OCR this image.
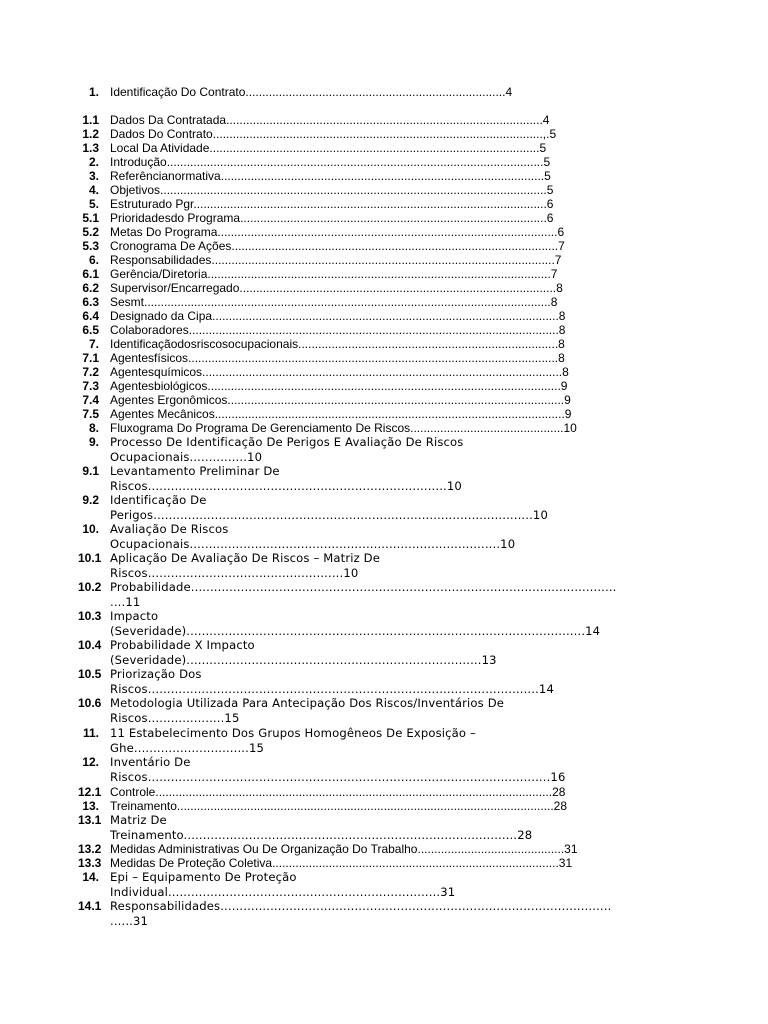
1. Identificação Do Contrato..............................................................................4
1.1 Dados Da Contratada...............................................................................................4
1.2 Dados Do Contrato...................................................................................................,.5
1.3 Local Da Atividade...................................................................................................5
2. Introdução.................................................................................................................5
3. Referêncianormativa.................................................................................................5
4. Objetivos....................................................................................................................5
5. Estruturado Pgr..........................................................................................................6
5.1 Prioridadesdo Programa............................................................................................6
5.2 Metas Do Programa......................................................................................................6
5.3 Cronograma De Ações..................................................................................................7
6. Responsabilidades.......................................................................................................7
6.1 Gerência/Diretoria.......................................................................................................7
6.2 Supervisor/Encarregado...............................................................................................8
6.3 Sesmt..........................................................................................................................8
6.4 Designado da Cipa........................................................................................................8
6.5 Colaboradores...............................................................................................................8
7. Identificaçãodosriscosocupacionais..............................................................................8
7.1 Agentesfísicos...............................................................................................................8
7.2 Agentesquímicos............................................................................................................8
7.3 Agentesbiológicos..........................................................................................................9
7.4 Agentes Ergonômicos.....................................................................................................9
7.5 Agentes Mecânicos.........................................................................................................9
8. Fluxograma Do Programa De Gerenciamento De Riscos..............................................10
9. Processo De Identificação De Perigos E Avaliação De Riscos
Ocupacionais...............10
9.1 Levantamento Preliminar De
Riscos..............................................................................10
9.2 Identificação De
Perigos...................................................................................................10
10. Avaliação De Riscos
Ocupacionais.................................................................................10
10.1 Aplicação De Avaliação De Riscos – Matriz De
Riscos...................................................10
10.2 Probabilidade...............................................................................................................
....11
10.3 Impacto
(Severidade)........................................................................................................14
10.4 Probabilidade X Impacto
(Severidade).............................................................................13
10.5 Priorização Dos
Riscos......................................................................................................14
10.6 Metodologia Utilizada Para Antecipação Dos Riscos/Inventários De
Riscos....................15
11. 11 Estabelecimento Dos Grupos Homogêneos De Exposição –
Ghe..............................15
12. Inventário De
Riscos.........................................................................................................16
12.1 Controle.......................................................................................................................28
13. Treinamento.................................................................................................................28
13.1 Matriz De
Treinamento.......................................................................................28
13.2 Medidas Administrativas Ou De Organização Do Trabalho............................................31
13.3 Medidas De Proteção Coletiva......................................................................................31
14. Epi – Equipamento De Proteção
Individual.......................................................................31
14.1 Responsabilidades......................................................................................................
......31
